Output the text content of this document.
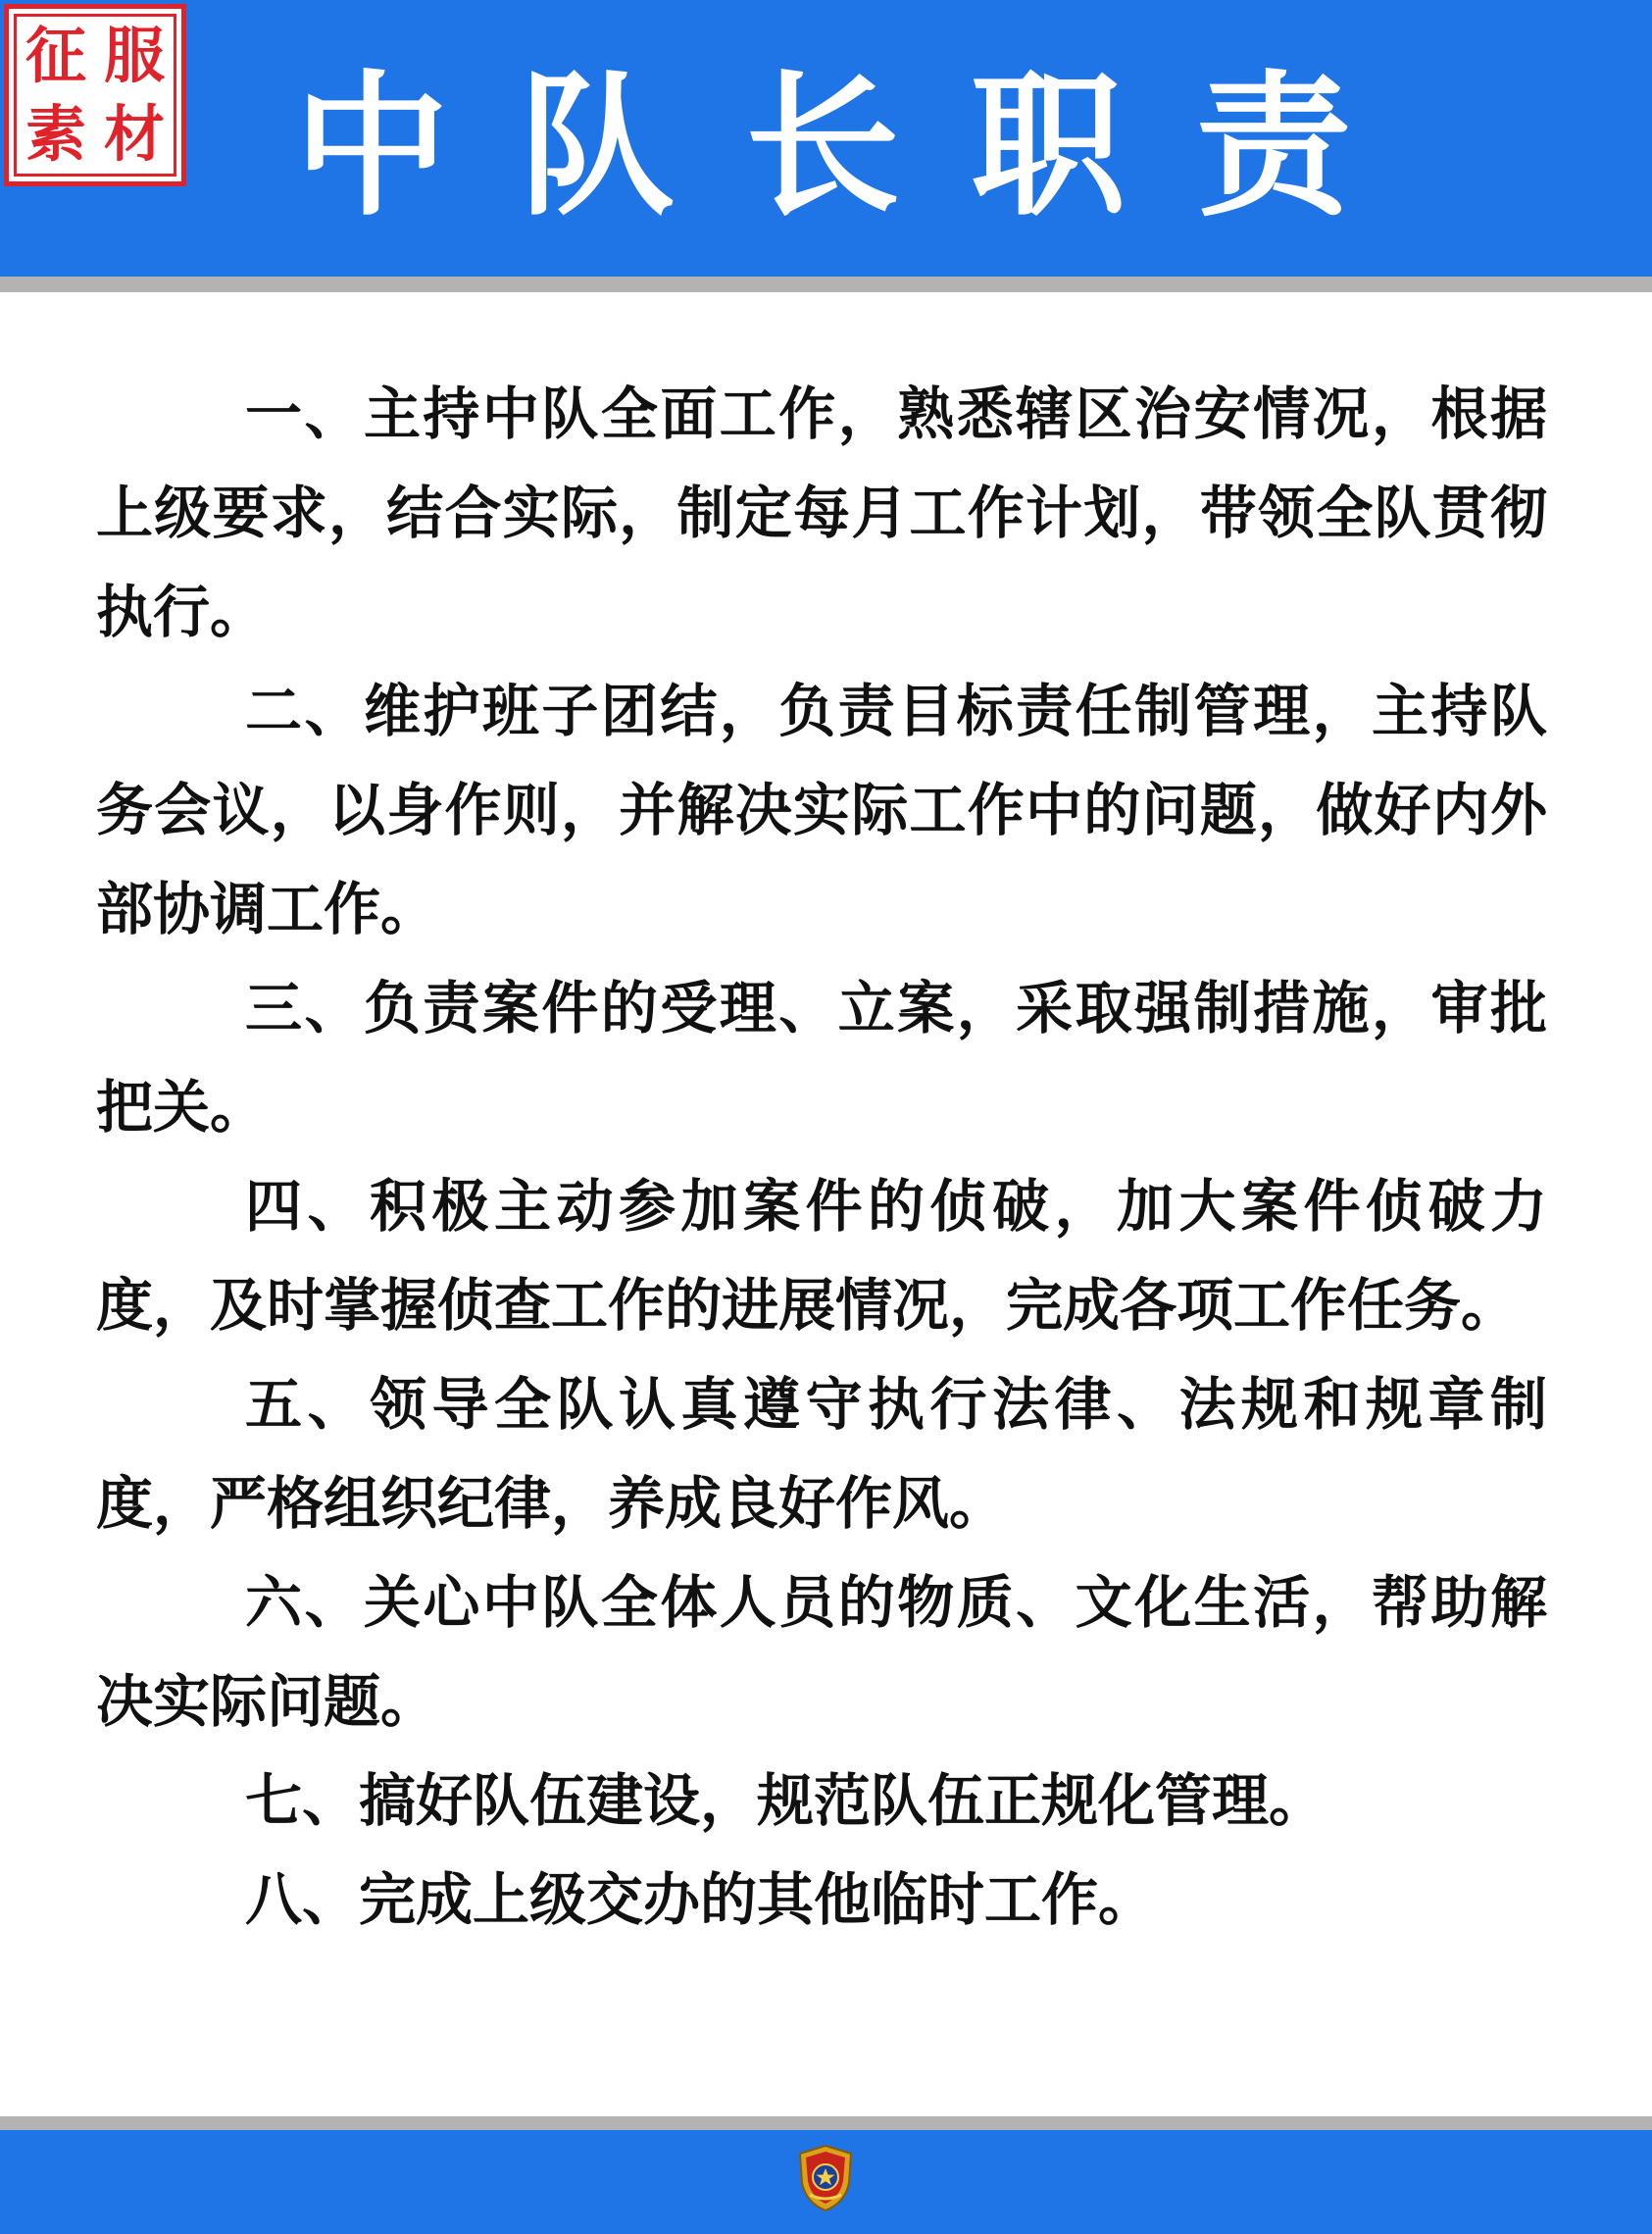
征 服
素 材 中队长职责

一、主持中队全面工作，熟悉辖区治安情况，根据上级要求，结合实际，制定每月工作计划，带领全队贯彻执行。

二、维护班子团结，负责目标责任制管理，主持队务会议，以身作则，并解决实际工作中的问题，做好内外部协调工作。

三、负责案件的受理、立案，采取强制措施，审批把关。

四、积极主动参加案件的侦破，加大案件侦破力度，及时掌握侦查工作的进展情况，完成各项工作任务。

五、领导全队认真遵守执行法律、法规和规章制度，严格组织纪律，养成良好作风。

六、关心中队全体人员的物质、文化生活，帮助解决实际问题。

七、搞好队伍建设，规范队伍正规化管理。

八、完成上级交办的其他临时工作。
